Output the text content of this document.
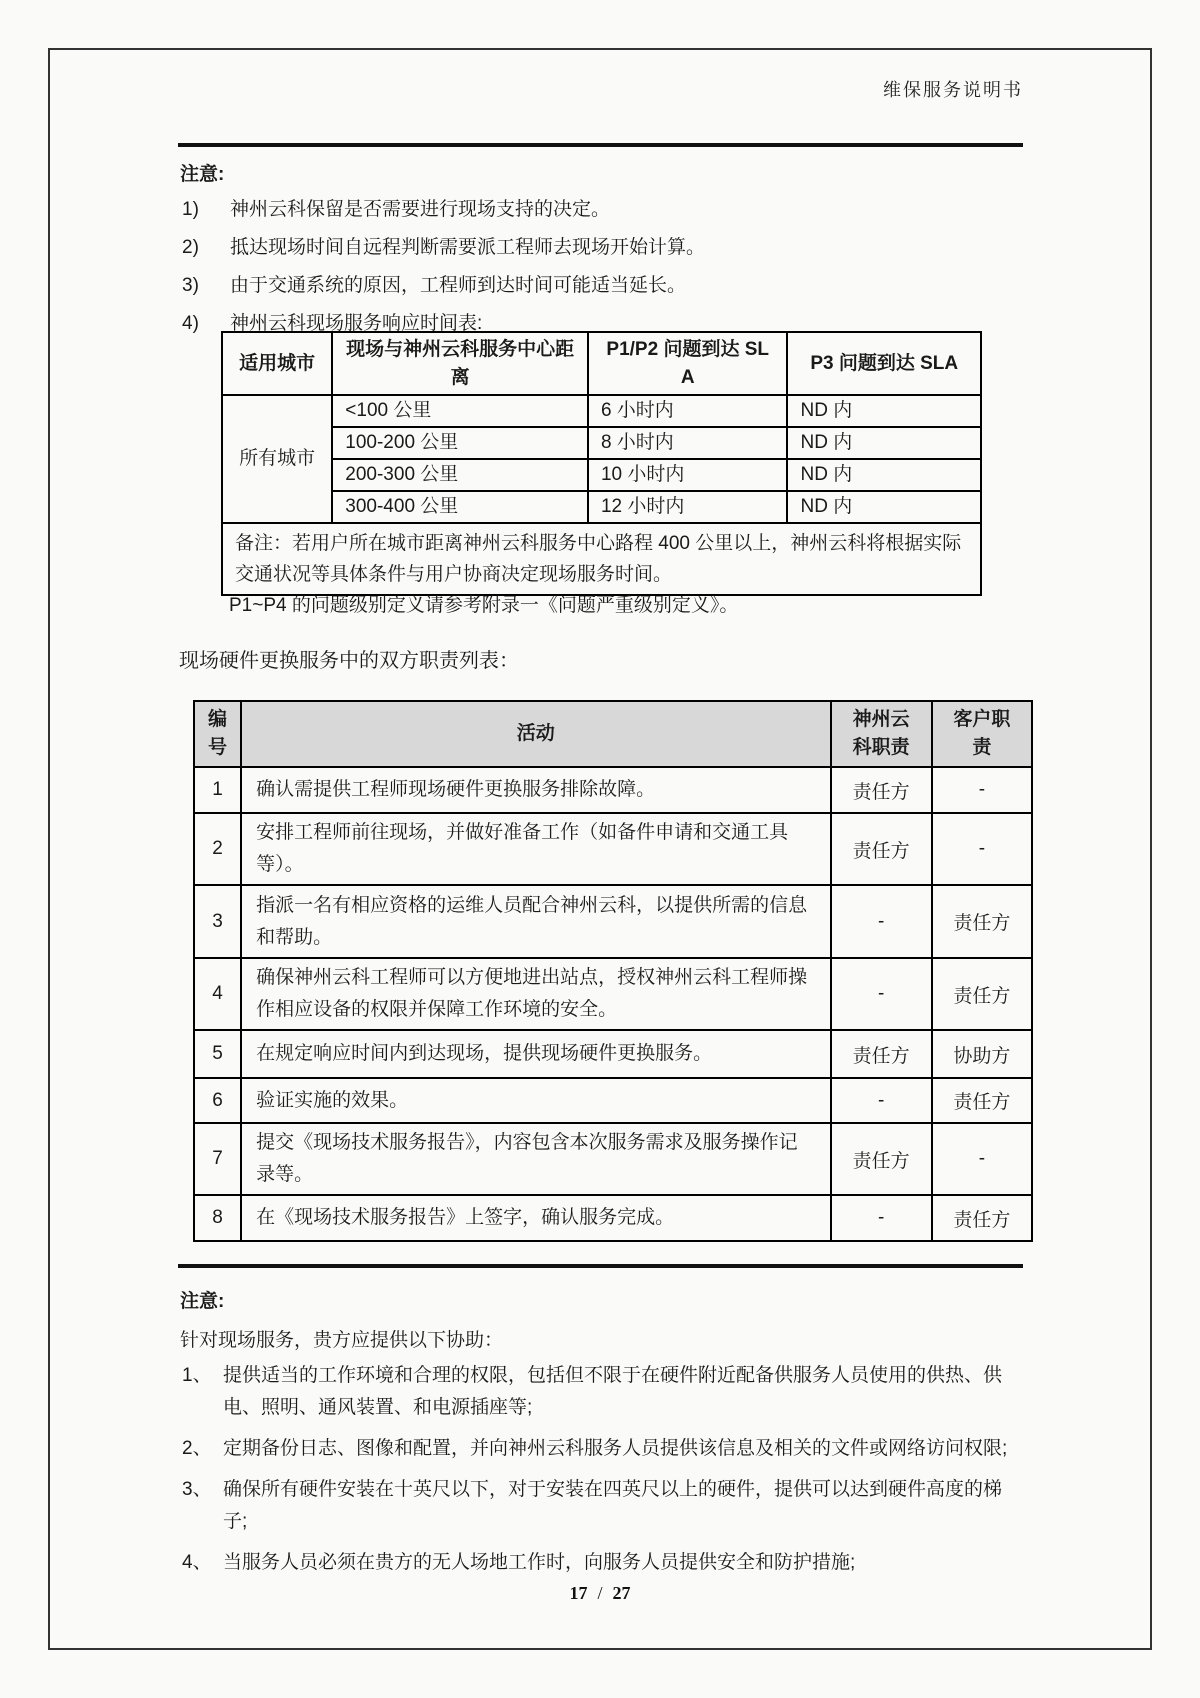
维保服务说明书
注意:
1)	神州云科保留是否需要进行现场支持的决定。
2)	抵达现场时间自远程判断需要派工程师去现场开始计算。
3)	由于交通系统的原因，工程师到达时间可能适当延长。
4)	神州云科现场服务响应时间表:
适用城市	现场与神州云科服务中心距离	P1/P2 问题到达 SLA	P3 问题到达 SLA
所有城市	<100 公里	6 小时内	ND 内
	100-200 公里	8 小时内	ND 内
	200-300 公里	10 小时内	ND 内
	300-400 公里	12 小时内	ND 内
备注：若用户所在城市距离神州云科服务中心路程 400 公里以上，神州云科将根据实际交通状况等具体条件与用户协商决定现场服务时间。			
P1~P4 的问题级别定义请参考附录一《问题严重级别定义》。
现场硬件更换服务中的双方职责列表：
编号	活动	神州云科职责	客户职责
1	确认需提供工程师现场硬件更换服务排除故障。	责任方	-
2	安排工程师前往现场，并做好准备工作（如备件申请和交通工具等）。	责任方	-
3	指派一名有相应资格的运维人员配合神州云科，以提供所需的信息和帮助。	-	责任方
4	确保神州云科工程师可以方便地进出站点，授权神州云科工程师操作相应设备的权限并保障工作环境的安全。	-	责任方
5	在规定响应时间内到达现场，提供现场硬件更换服务。	责任方	协助方
6	验证实施的效果。	-	责任方
7	提交《现场技术服务报告》，内容包含本次服务需求及服务操作记录等。	责任方	-
8	在《现场技术服务报告》上签字，确认服务完成。	-	责任方
注意:
针对现场服务，贵方应提供以下协助：
1、 提供适当的工作环境和合理的权限，包括但不限于在硬件附近配备供服务人员使用的供热、供电、照明、通风装置、和电源插座等;
2、 定期备份日志、图像和配置，并向神州云科服务人员提供该信息及相关的文件或网络访问权限;
3、 确保所有硬件安装在十英尺以下，对于安装在四英尺以上的硬件，提供可以达到硬件高度的梯子;
4、 当服务人员必须在贵方的无人场地工作时，向服务人员提供安全和防护措施;
17 / 27
